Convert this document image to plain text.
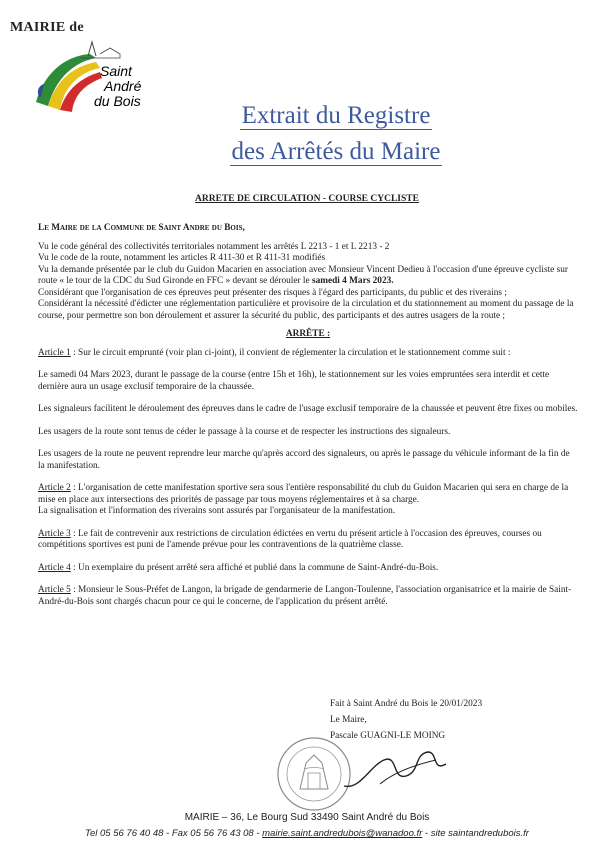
MAIRIE de
Saint
André
du Bois
Extrait du Registre
des Arrêtés du Maire
ARRETE DE CIRCULATION - COURSE CYCLISTE

Le Maire de la Commune de Saint Andre du Bois,

Vu le code général des collectivités territoriales notamment les arrêtés L 2213 - 1 et L 2213 - 2

Vu le code de la route, notamment les articles R 411-30 et R 411-31 modifiés

Vu la demande présentée par le club du Guidon Macarien en association avec Monsieur Vincent Dedieu à l'occasion d'une épreuve cycliste sur route « le tour de la CDC du Sud Gironde en FFC » devant se dérouler le samedi 4 Mars 2023.

Considérant que l'organisation de ces épreuves peut présenter des risques à l'égard des participants, du public et des riverains ;

Considérant la nécessité d'édicter une réglementation particulière et provisoire de la circulation et du stationnement au moment du passage de la course, pour permettre son bon déroulement et assurer la sécurité du public, des participants et des autres usagers de la route ;

ARRÊTE :

Article 1 : Sur le circuit emprunté (voir plan ci-joint), il convient de réglementer la circulation et le stationnement comme suit :

Le samedi 04 Mars 2023, durant le passage de la course (entre 15h et 16h), le stationnement sur les voies empruntées sera interdit et cette dernière aura un usage exclusif temporaire de la chaussée.

Les signaleurs facilitent le déroulement des épreuves dans le cadre de l'usage exclusif temporaire de la chaussée et peuvent être fixes ou mobiles.

Les usagers de la route sont tenus de céder le passage à la course et de respecter les instructions des signaleurs.

Les usagers de la route ne peuvent reprendre leur marche qu'après accord des signaleurs, ou après le passage du véhicule informant de la fin de la manifestation.

Article 2 : L'organisation de cette manifestation sportive sera sous l'entière responsabilité du club du Guidon Macarien qui sera en charge de la mise en place aux intersections des priorités de passage par tous moyens réglementaires et à sa charge.

La signalisation et l'information des riverains sont assurés par l'organisateur de la manifestation.

Article 3 : Le fait de contrevenir aux restrictions de circulation édictées en vertu du présent article à l'occasion des épreuves, courses ou compétitions sportives est puni de l'amende prévue pour les contraventions de la quatrième classe.

Article 4 : Un exemplaire du présent arrêté sera affiché et publié dans la commune de Saint-André-du-Bois.

Article 5 : Monsieur le Sous-Préfet de Langon, la brigade de gendarmerie de Langon-Toulenne, l'association organisatrice et la mairie de Saint-André-du-Bois sont chargés chacun pour ce qui le concerne, de l'application du présent arrêté.

Fait à Saint André du Bois le 20/01/2023
Le Maire,
Pascale GUAGNI-LE MOING
MAIRIE – 36, Le Bourg Sud 33490 Saint André du Bois
Tel 05 56 76 40 48 - Fax 05 56 76 43 08 - mairie.saint.andredubois@wanadoo.fr - site saintandredubois.fr
